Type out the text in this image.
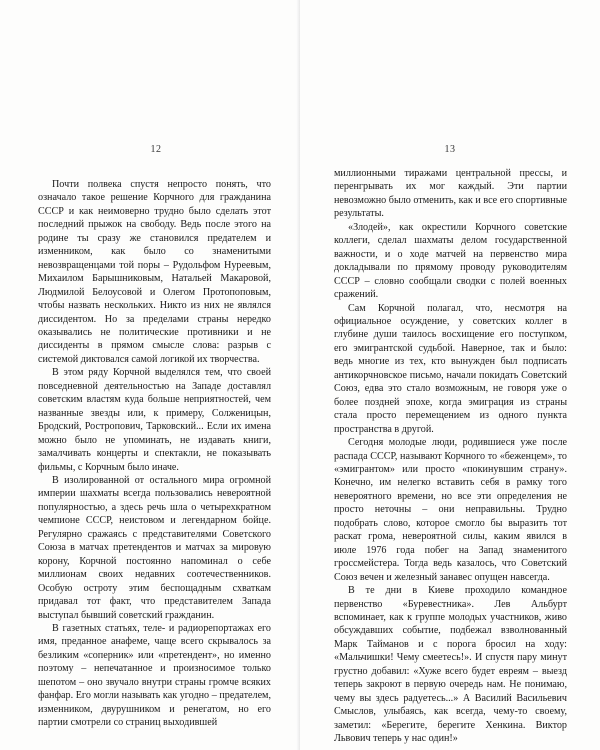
12

Почти полвека спустя непросто понять, что означало такое решение Корчного для гражданина СССР и как неимоверно трудно было сделать этот последний прыжок на свободу. Ведь после этого на родине ты сразу же становился предателем и изменником, как было со знаменитыми невозвращенцами той поры – Рудольфом Нуреевым, Михаилом Барышниковым, Натальей Макаровой, Людмилой Белоусовой и Олегом Протопоповым, чтобы назвать нескольких. Никто из них не являлся диссидентом. Но за пределами страны нередко оказывались не политические противники и не диссиденты в прямом смысле слова: разрыв с системой диктовался самой логикой их творчества.

В этом ряду Корчной выделялся тем, что своей повседневной деятельностью на Западе доставлял советским властям куда больше неприятностей, чем названные звезды или, к примеру, Солженицын, Бродский, Ростропович, Тарковский... Если их имена можно было не упоминать, не издавать книги, замалчивать концерты и спектакли, не показывать фильмы, с Корчным было иначе.

В изолированной от остального мира огромной империи шахматы всегда пользовались невероятной популярностью, а здесь речь шла о четырехкратном чемпионе СССР, неистовом и легендарном бойце. Регулярно сражаясь с представителями Советского Союза в матчах претендентов и матчах за мировую корону, Корчной постоянно напоминал о себе миллионам своих недавних соотечественников. Особую остроту этим беспощадным схваткам придавал тот факт, что представителем Запада выступал бывший советский гражданин.

В газетных статьях, теле- и радиорепортажах его имя, преданное анафеме, чаще всего скрывалось за безликим «соперник» или «претендент», но именно поэтому – непечатанное и произносимое только шепотом – оно звучало внутри страны громче всяких фанфар. Его могли называть как угодно – предателем, изменником, двурушником и ренегатом, но его партии смотрели со страниц выходившей

13

миллионными тиражами центральной прессы, и перенгрывать их мог каждый. Эти партии невозможно было отменить, как и все его спортивные результаты.

«Злодей», как окрестили Корчного советские коллеги, сделал шахматы делом государственной важности, и о ходе матчей на первенство мира докладывали по прямому проводу руководителям СССР – словно сообщали сводки с полей военных сражений.

Сам Корчной полагал, что, несмотря на официальное осуждение, у советских коллег в глубине души таилось восхищение его поступком, его эмигрантской судьбой. Наверное, так и было: ведь многие из тех, кто вынужден был подписать антикорчновское письмо, начали покидать Советский Союз, едва это стало возможным, не говоря уже о более поздней эпохе, когда эмиграция из страны стала просто перемещением из одного пункта пространства в другой.

Сегодня молодые люди, родившиеся уже после распада СССР, называют Корчного то «беженцем», то «эмигрантом» или просто «покинувшим страну». Конечно, им нелегко вставить себя в рамку того невероятного времени, но все эти определения не просто неточны – они неправильны. Трудно подобрать слово, которое смогло бы выразить тот раскат грома, невероятной силы, каким явился в июле 1976 года побег на Запад знаменитого гроссмейстера. Тогда ведь казалось, что Советский Союз вечен и железный занавес опущен навсегда.

В те дни в Киеве проходило командное первенство «Буревестника». Лев Альбурт вспоминает, как к группе молодых участников, живо обсуждавших событие, подбежал взволнованный Марк Тайманов и с порога бросил на ходу: «Мальчишки! Чему смеетесь!». И спустя пару минут грустно добавил: «Хуже всего будет евреям – выезд теперь закроют в первую очередь нам. Не понимаю, чему вы здесь радуетесь...» А Василий Васильевич Смыслов, улыбаясь, как всегда, чему-то своему, заметил: «Берегите, берегите Хенкина. Виктор Львович теперь у нас один!»
